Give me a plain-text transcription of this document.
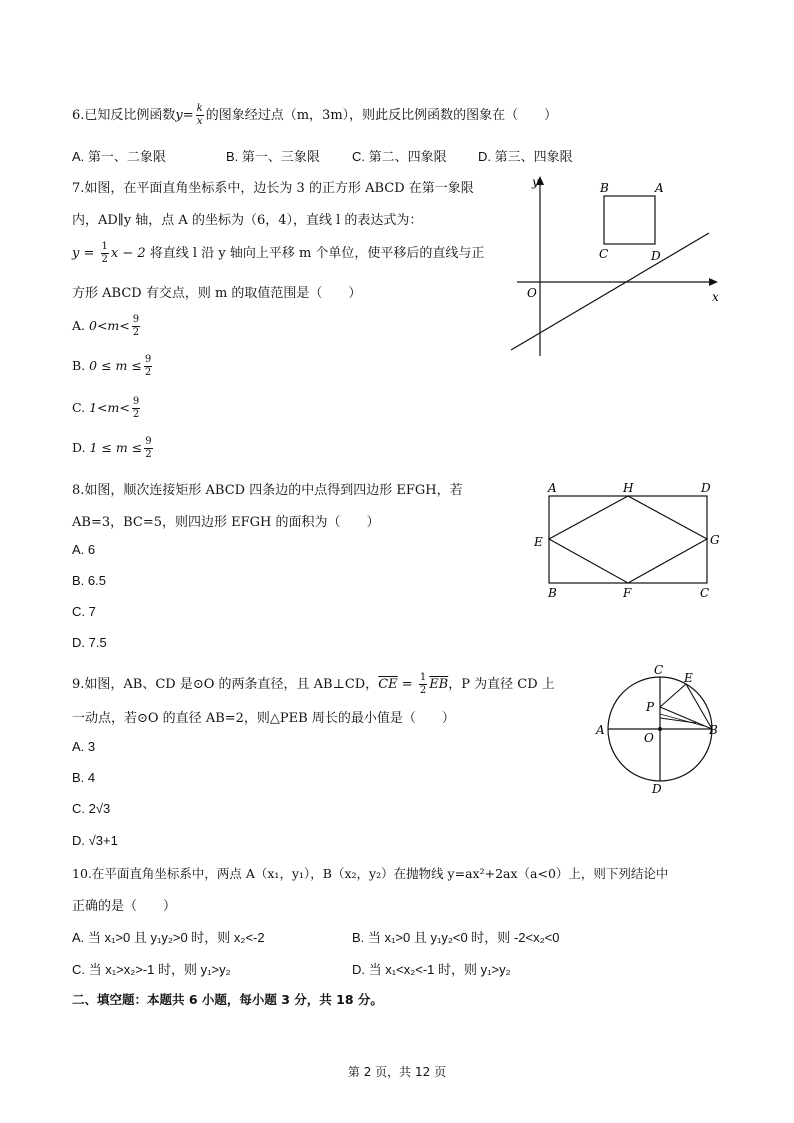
6.已知反比例函数$y= \frac{k}{x}$ 的图象经过点（m，3m），则此反比例函数的图象在（　　）
A. 第一、二象限	B. 第一、三象限 C. 第二、四象限 D. 第三、四象限
7.如图，在平面直角坐标系中，边长为 3 的正方形 ABCD 在第一象限
内，AD∥y 轴，点 A 的坐标为（6，4），直线 l 的表达式为：
$y = \frac{1}{2}$ x − 2 将直线 l 沿 y 轴向上平移 m 个单位，使平移后的直线与正
方形 ABCD 有交点，则 m 的取值范围是（　　）
A. $0<m< \frac{9}{2}$
B. $0 \le m \le \frac{9}{2}$
C. $1<m< \frac{9}{2}$
D. $1 \le m \le \frac{9}{2}$
y
x
O
B	A
C	D
8.如图，顺次连接矩形 ABCD 四条边的中点得到四边形 EFGH，若
AB=3，BC=5，则四边形 EFGH 的面积为（　　）
A. 6
B. 6.5
C. 7
D. 7.5
A	H	D
E	G
B	F	C
9.如图，AB、CD 是⊙O 的两条直径，且 AB⊥CD，$\overline{CE} = \frac{1}{2} \overline{EB}$，P 为直径 CD 上
一动点，若⊙O 的直径 AB=2，则△PEB 周长的最小值是（　　）
A. 3
B. 4
C. 2√3
D. √3+1
C
E
P
A
O
B
D
10.在平面直角坐标系中，两点 A（x₁，y₁），B（x₂，y₂）在抛物线 y=ax²+2ax（a<0）上，则下列结论中
正确的是（　　）
A. 当 x₁>0 且 y₁y₂>0 时，则 x₂<-2	B. 当 x₁>0 且 y₁y₂<0 时，则 -2<x₂<0
C. 当 x₁>x₂>-1 时，则 y₁>y₂	D. 当 x₁<x₂<-1 时，则 y₁>y₂
二、填空题：本题共 6 小题，每小题 3 分，共 18 分。
第 2 页，共 12 页
